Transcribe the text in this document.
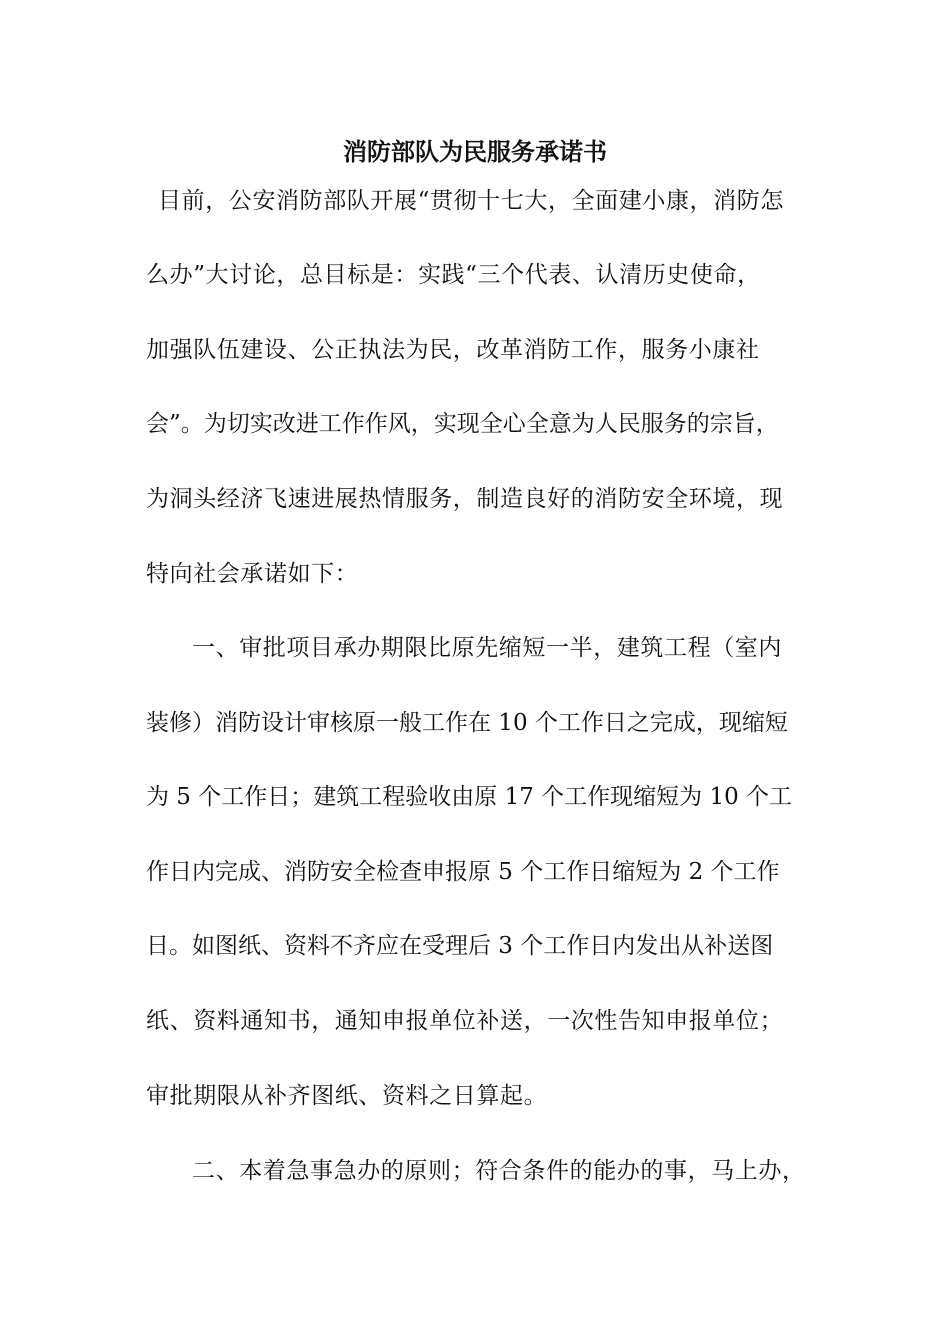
消防部队为民服务承诺书
目前，公安消防部队开展“贯彻十七大，全面建小康，消防怎
么办”大讨论，总目标是：实践“三个代表、认清历史使命，
加强队伍建设、公正执法为民，改革消防工作，服务小康社
会”。为切实改进工作作风，实现全心全意为人民服务的宗旨，
为洞头经济飞速进展热情服务，制造良好的消防安全环境，现
特向社会承诺如下：
一、审批项目承办期限比原先缩短一半，建筑工程（室内
装修）消防设计审核原一般工作在 10 个工作日之完成，现缩短
为 5 个工作日；建筑工程验收由原 17 个工作现缩短为 10 个工
作日内完成、消防安全检查申报原 5 个工作日缩短为 2 个工作
日。如图纸、资料不齐应在受理后 3 个工作日内发出从补送图
纸、资料通知书，通知申报单位补送，一次性告知申报单位；
审批期限从补齐图纸、资料之日算起。
二、本着急事急办的原则；符合条件的能办的事，马上办，
